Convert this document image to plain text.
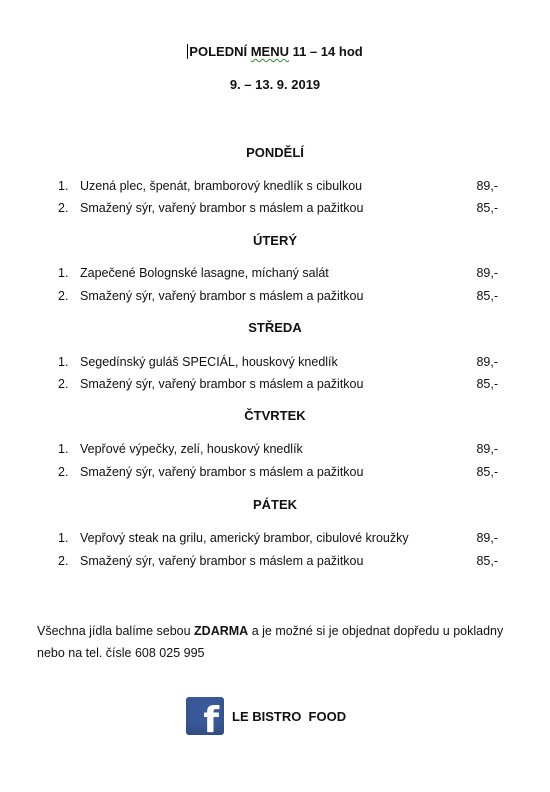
POLEDNÍ MENU 11 – 14 hod
9. – 13. 9. 2019
PONDĚLÍ
1. Uzená plec, špenát, bramborový knedlík s cibulkou	89,-
2. Smažený sýr, vařený brambor s máslem a pažitkou	85,-
ÚTERÝ
1. Zapečené Bolognské lasagne, míchaný salát	89,-
2. Smažený sýr, vařený brambor s máslem a pažitkou	85,-
STŘEDA
1. Segedínský guláš SPECIÁL, houskový knedlík	89,-
2. Smažený sýr, vařený brambor s máslem a pažitkou	85,-
ČTVRTEK
1. Vepřové výpečky, zelí, houskový knedlík	89,-
2. Smažený sýr, vařený brambor s máslem a pažitkou	85,-
PÁTEK
1. Vepřový steak na grilu, americký brambor, cibulové kroužky	89,-
2. Smažený sýr, vařený brambor s máslem a pažitkou	85,-
Všechna jídla balíme sebou ZDARMA a je možné si je objednat dopředu u pokladny nebo na tel. čísle 608 025 995
f LE BISTRO  FOOD
